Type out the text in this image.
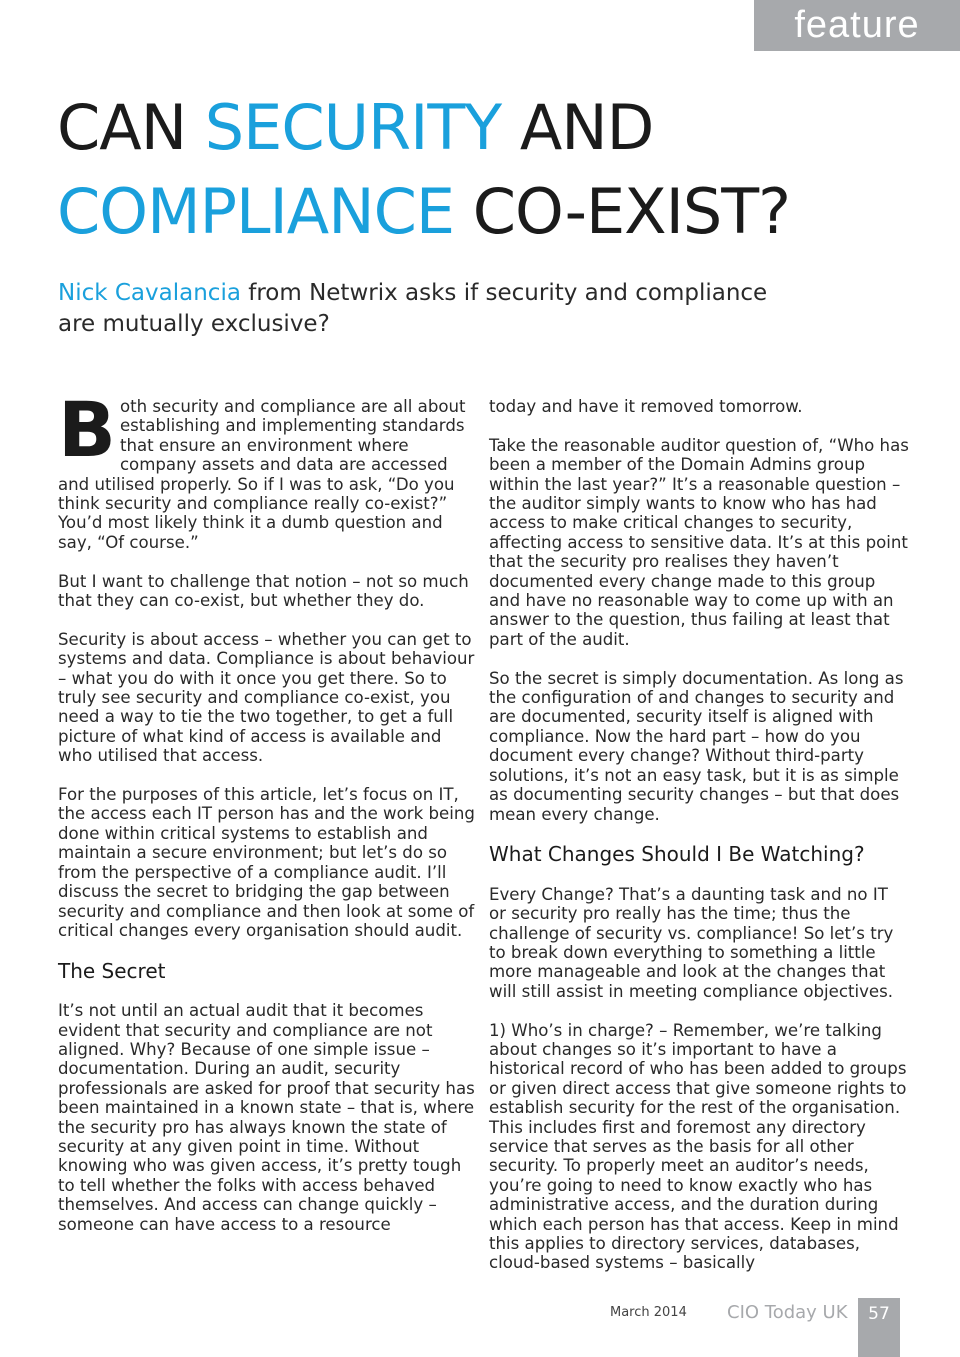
feature
CAN SECURITY AND
COMPLIANCE CO-EXIST?

Nick Cavalancia from Netwrix asks if security and compliance are mutually exclusive?

Both security and compliance are all about establishing and implementing standards that ensure an environment where company assets and data are accessed and utilised properly. So if I was to ask, “Do you think security and compliance really co-exist?” You’d most likely think it a dumb question and say, “Of course.”

But I want to challenge that notion – not so much that they can co-exist, but whether they do.

Security is about access – whether you can get to systems and data. Compliance is about behaviour – what you do with it once you get there. So to truly see security and compliance co-exist, you need a way to tie the two together, to get a full picture of what kind of access is available and who utilised that access.

For the purposes of this article, let’s focus on IT, the access each IT person has and the work being done within critical systems to establish and maintain a secure environment; but let’s do so from the perspective of a compliance audit. I’ll discuss the secret to bridging the gap between security and compliance and then look at some of critical changes every organisation should audit.

The Secret

It’s not until an actual audit that it becomes evident that security and compliance are not aligned. Why? Because of one simple issue – documentation. During an audit, security professionals are asked for proof that security has been maintained in a known state – that is, where the security pro has always known the state of security at any given point in time. Without knowing who was given access, it’s pretty tough to tell whether the folks with access behaved themselves. And access can change quickly – someone can have access to a resource

today and have it removed tomorrow.

Take the reasonable auditor question of, “Who has been a member of the Domain Admins group within the last year?” It’s a reasonable question – the auditor simply wants to know who has had access to make critical changes to security, affecting access to sensitive data. It’s at this point that the security pro realises they haven’t documented every change made to this group and have no reasonable way to come up with an answer to the question, thus failing at least that part of the audit.

So the secret is simply documentation. As long as the configuration of and changes to security and are documented, security itself is aligned with compliance. Now the hard part – how do you document every change? Without third-party solutions, it’s not an easy task, but it is as simple as documenting security changes – but that does mean every change.

What Changes Should I Be Watching?

Every Change? That’s a daunting task and no IT or security pro really has the time; thus the challenge of security vs. compliance! So let’s try to break down everything to something a little more manageable and look at the changes that will still assist in meeting compliance objectives.

1) Who’s in charge? – Remember, we’re talking about changes so it’s important to have a historical record of who has been added to groups or given direct access that give someone rights to establish security for the rest of the organisation. This includes first and foremost any directory service that serves as the basis for all other security. To properly meet an auditor’s needs, you’re going to need to know exactly who has administrative access, and the duration during which each person has that access. Keep in mind this applies to directory services, databases, cloud-based systems – basically

March 2014 CIO Today UK	57
